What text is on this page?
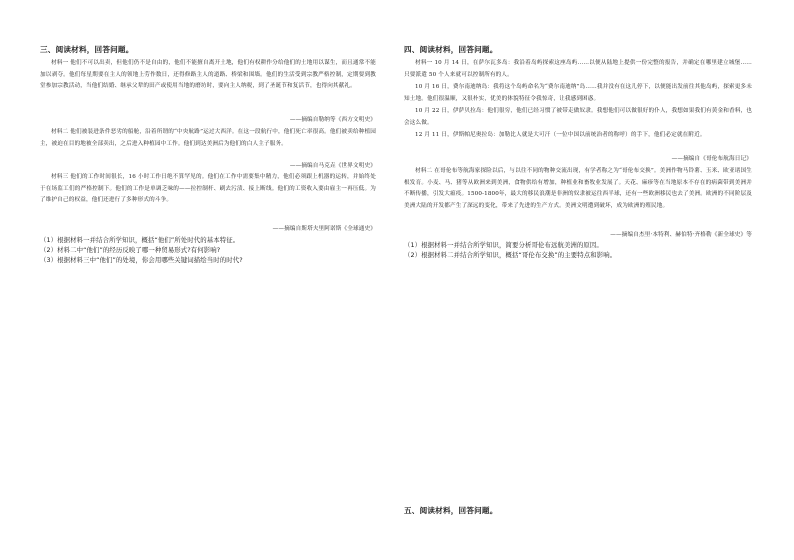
三、阅读材料，回答问题。

材料一 他们不可以出卖，但他们仍不是自由的，他们不能擅自离开土地，他们有权耕作分给他们的土地用以谋生，而且通常不能加以剥夺。他们每星期要在主人的领地上劳作数日，还得修路主人的道路、桥梁和围墙。他们的生活受到宗教严格控制，定期要到教堂参加宗教活动，当他们结婚、继承父辈的田产或使用当地的磨坊时，要向主人纳税，到了圣诞节和复活节，也得向其献礼。

——摘编自勒纳等《西方文明史》

材料二 他们被装进条件恶劣的船舱，沿着所谓的“中央航路”运过大西洋。在这一段航行中，他们死亡率很高。他们被卖给种植园主，被迫在目的地被全部卖出，之后进入种植园中工作。他们到达美洲后为他们的白人主子服务。

——摘编自马克垚《世界文明史》

材料三 他们的工作时间很长，16 小时工作日绝不算罕见的。他们在工作中需要集中精力，他们必须跟上机器的运转，并始终处于在场监工们的严格控制下。他们的工作是单调乏味的——拉控制杆、刷去污渍、接上断线。他们的工资收入要由雇主一再压低。为了维护自己的权益，他们还进行了多种形式的斗争。

——摘编自斯塔夫里阿诺斯《全球通史》
（1）根据材料一并结合所学知识，概括“他们”所处时代的基本特征。
（2）材料二中“他们”的经历反映了哪一种贸易形式?有何影响?
（3）根据材料三中“他们”的处境，你会用哪些关键词描绘当时的时代?
四、阅读材料，回答问题。

材料一 10 月 14 日，在萨尔瓦多岛：我沿着岛屿探索这座岛屿……以便从陆地上提供一份完整的报告，并确定在哪里建立城堡……只要派遣 50 个人来就可以控制所有的人。

10 月 16 日，费尔南迪纳岛：我将这个岛屿命名为“费尔南迪纳”岛……我并没有在这儿停下，以便能出发前往其他岛屿，探索更多未知土地。他们很温顺，又很朴实，优美的体貌特征令我惊奇，让我感到困惑。

10 月 22 日，伊萨贝拉岛：他们很穷，他们已经习惯了被带走做奴隶。我想他们可以做很好的仆人，我想如果我们有黄金和香料，也会这么做。

12 月 11 日，伊斯帕尼奥拉岛：加勒比人就是大可汗（一位中国以前统治者的称呼）的手下，他们必定就在附近。

——摘编自《哥伦布航海日记》

材料二 在哥伦布等航海家探险以后，与以往不同的物种交流出现，有学者称之为“哥伦布交换”。美洲作物马铃薯、玉米、欧亚诸国生根发育。小麦、马、猪等从欧洲来到美洲，食物供给有增加，种植业和畜牧业发展了。天花、麻疹等在当地原本不存在的病菌带到美洲并不断传播，引发大瘟疫。1500-1800年，最大的移民浪潮是非洲的奴隶被运往西半球，还有一些欧洲移民也去了美洲。欧洲的不同阶层及美洲大陆的开发都产生了深远的变化，带来了先进的生产方式。美洲文明遭到破坏，成为欧洲的殖民地。

——摘编自杰里·本特利、赫伯特·齐格勒《新全球史》等
（1）根据材料一并结合所学知识，简要分析哥伦布远航美洲的原因。
（2）根据材料二并结合所学知识，概括“哥伦布交换”的主要特点和影响。
五、阅读材料，回答问题。
